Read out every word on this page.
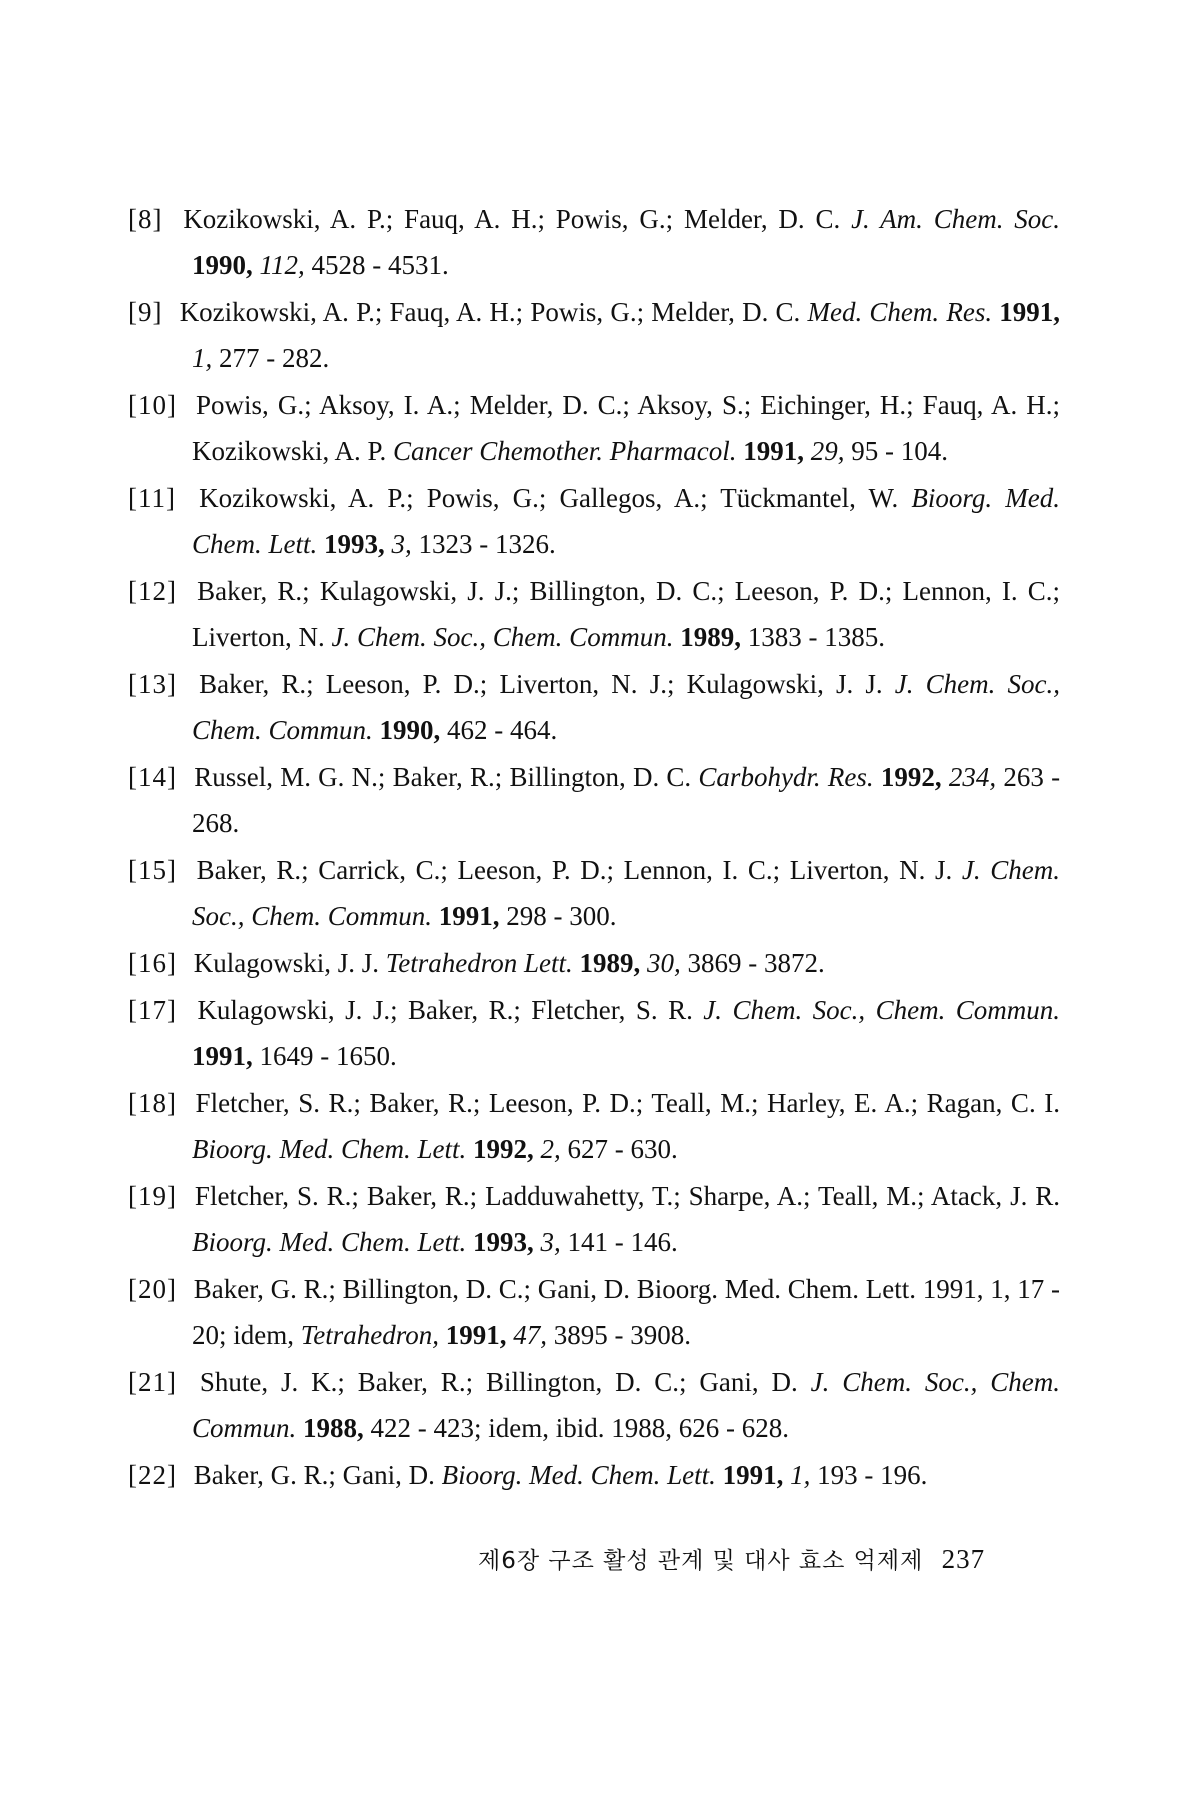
[8] Kozikowski, A. P.; Fauq, A. H.; Powis, G.; Melder, D. C. J. Am. Chem. Soc. 1990, 112, 4528 - 4531.
[9] Kozikowski, A. P.; Fauq, A. H.; Powis, G.; Melder, D. C. Med. Chem. Res. 1991, 1, 277 - 282.
[10] Powis, G.; Aksoy, I. A.; Melder, D. C.; Aksoy, S.; Eichinger, H.; Fauq, A. H.; Kozikowski, A. P. Cancer Chemother. Pharmacol. 1991, 29, 95 - 104.
[11] Kozikowski, A. P.; Powis, G.; Gallegos, A.; Tückmantel, W. Bioorg. Med. Chem. Lett. 1993, 3, 1323 - 1326.
[12] Baker, R.; Kulagowski, J. J.; Billington, D. C.; Leeson, P. D.; Lennon, I. C.; Liverton, N. J. Chem. Soc., Chem. Commun. 1989, 1383 - 1385.
[13] Baker, R.; Leeson, P. D.; Liverton, N. J.; Kulagowski, J. J. J. Chem. Soc., Chem. Commun. 1990, 462 - 464.
[14] Russel, M. G. N.; Baker, R.; Billington, D. C. Carbohydr. Res. 1992, 234, 263 - 268.
[15] Baker, R.; Carrick, C.; Leeson, P. D.; Lennon, I. C.; Liverton, N. J. J. Chem. Soc., Chem. Commun. 1991, 298 - 300.
[16] Kulagowski, J. J. Tetrahedron Lett. 1989, 30, 3869 - 3872.
[17] Kulagowski, J. J.; Baker, R.; Fletcher, S. R. J. Chem. Soc., Chem. Commun. 1991, 1649 - 1650.
[18] Fletcher, S. R.; Baker, R.; Leeson, P. D.; Teall, M.; Harley, E. A.; Ragan, C. I. Bioorg. Med. Chem. Lett. 1992, 2, 627 - 630.
[19] Fletcher, S. R.; Baker, R.; Ladduwahetty, T.; Sharpe, A.; Teall, M.; Atack, J. R. Bioorg. Med. Chem. Lett. 1993, 3, 141 - 146.
[20] Baker, G. R.; Billington, D. C.; Gani, D. Bioorg. Med. Chem. Lett. 1991, 1, 17 - 20; idem, Tetrahedron, 1991, 47, 3895 - 3908.
[21] Shute, J. K.; Baker, R.; Billington, D. C.; Gani, D. J. Chem. Soc., Chem. Commun. 1988, 422 - 423; idem, ibid. 1988, 626 - 628.
[22] Baker, G. R.; Gani, D. Bioorg. Med. Chem. Lett. 1991, 1, 193 - 196.
제6장 구조 활성 관계 및 대사 효소 억제제 237
